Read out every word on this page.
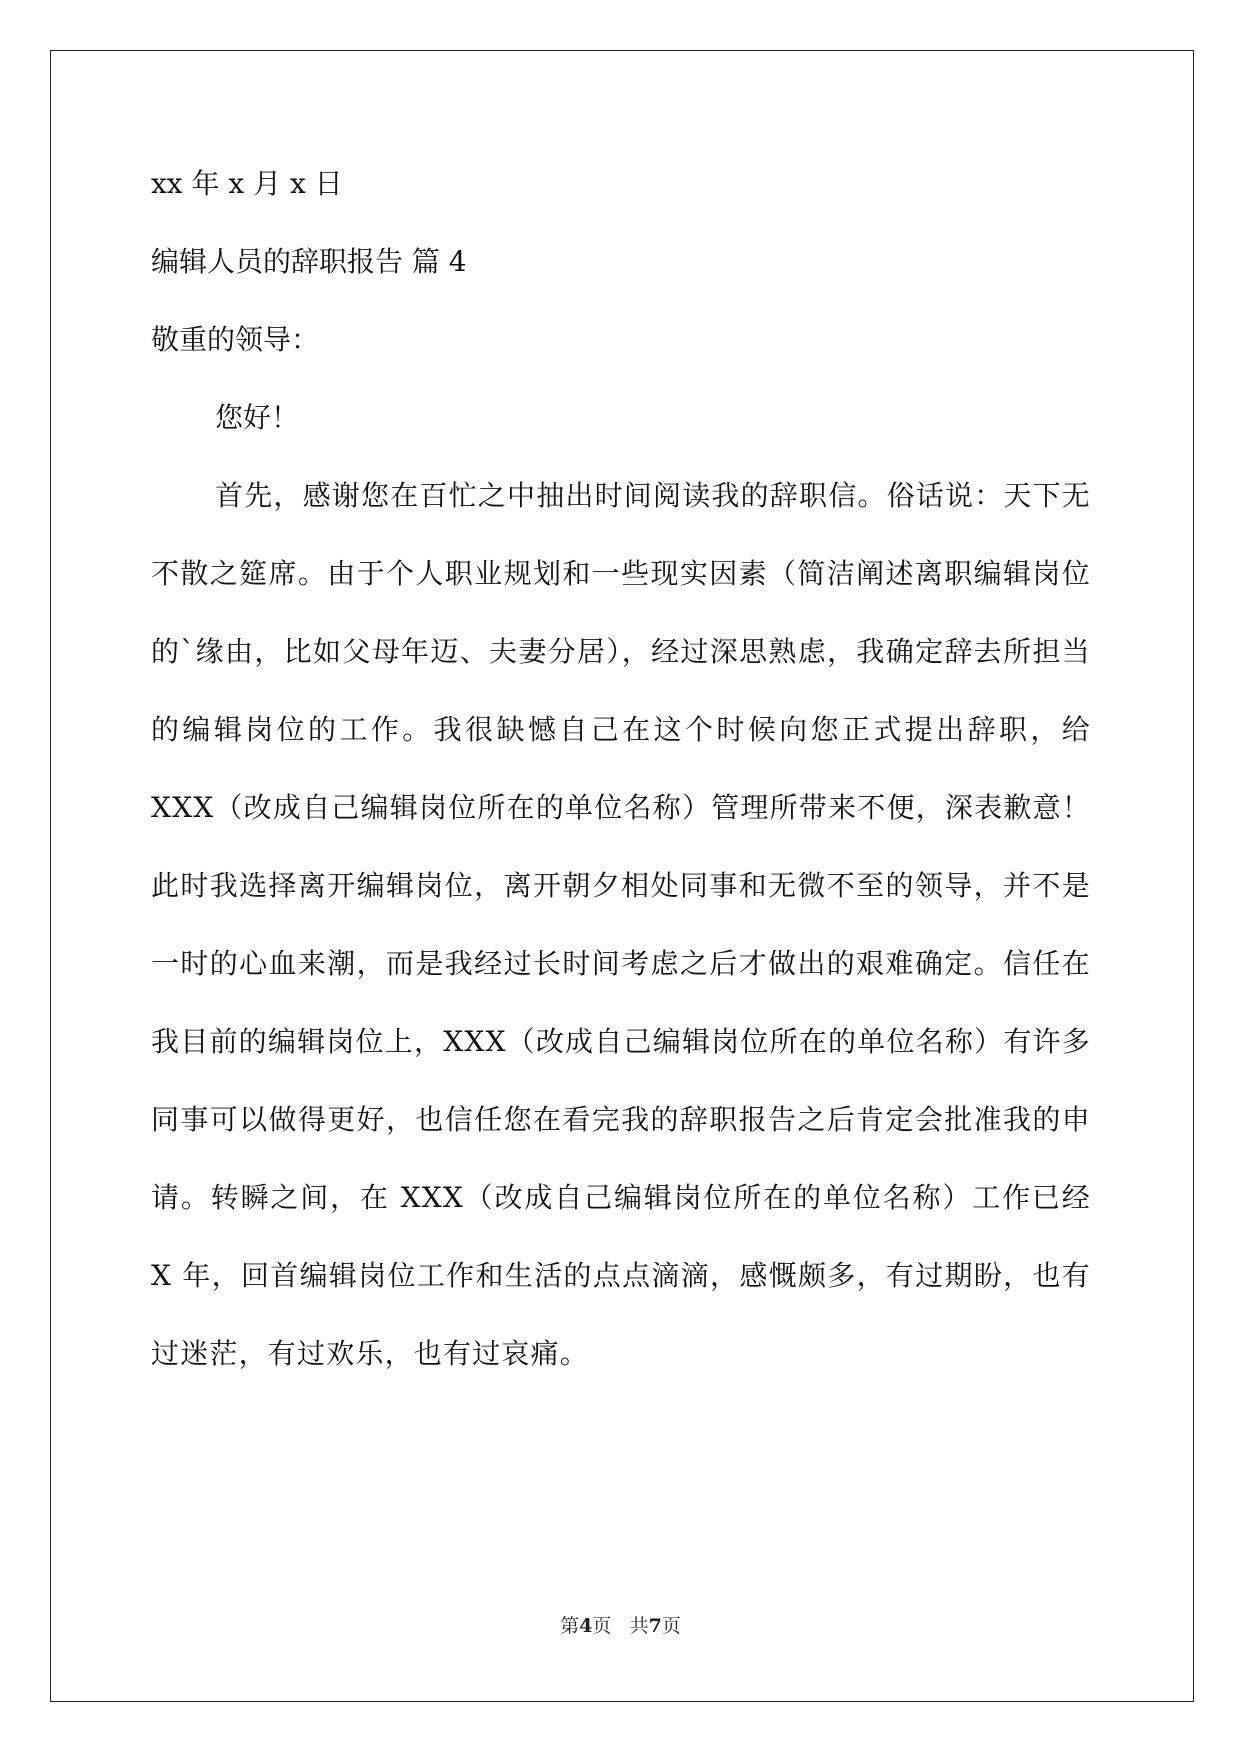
xx 年 x 月 x 日

编辑人员的辞职报告 篇 4

敬重的领导：

您好！

首先，感谢您在百忙之中抽出时间阅读我的辞职信。俗话说：天下无不散之筵席。由于个人职业规划和一些现实因素（简洁阐述离职编辑岗位的`缘由，比如父母年迈、夫妻分居），经过深思熟虑，我确定辞去所担当的编辑岗位的工作。我很缺憾自己在这个时候向您正式提出辞职，给 XXX（改成自己编辑岗位所在的单位名称）管理所带来不便，深表歉意！此时我选择离开编辑岗位，离开朝夕相处同事和无微不至的领导，并不是一时的心血来潮，而是我经过长时间考虑之后才做出的艰难确定。信任在我目前的编辑岗位上，XXX（改成自己编辑岗位所在的单位名称）有许多同事可以做得更好，也信任您在看完我的辞职报告之后肯定会批准我的申请。转瞬之间，在 XXX（改成自己编辑岗位所在的单位名称）工作已经 X 年，回首编辑岗位工作和生活的点点滴滴，感慨颇多，有过期盼，也有过迷茫，有过欢乐，也有过哀痛。

第4页 共7页
